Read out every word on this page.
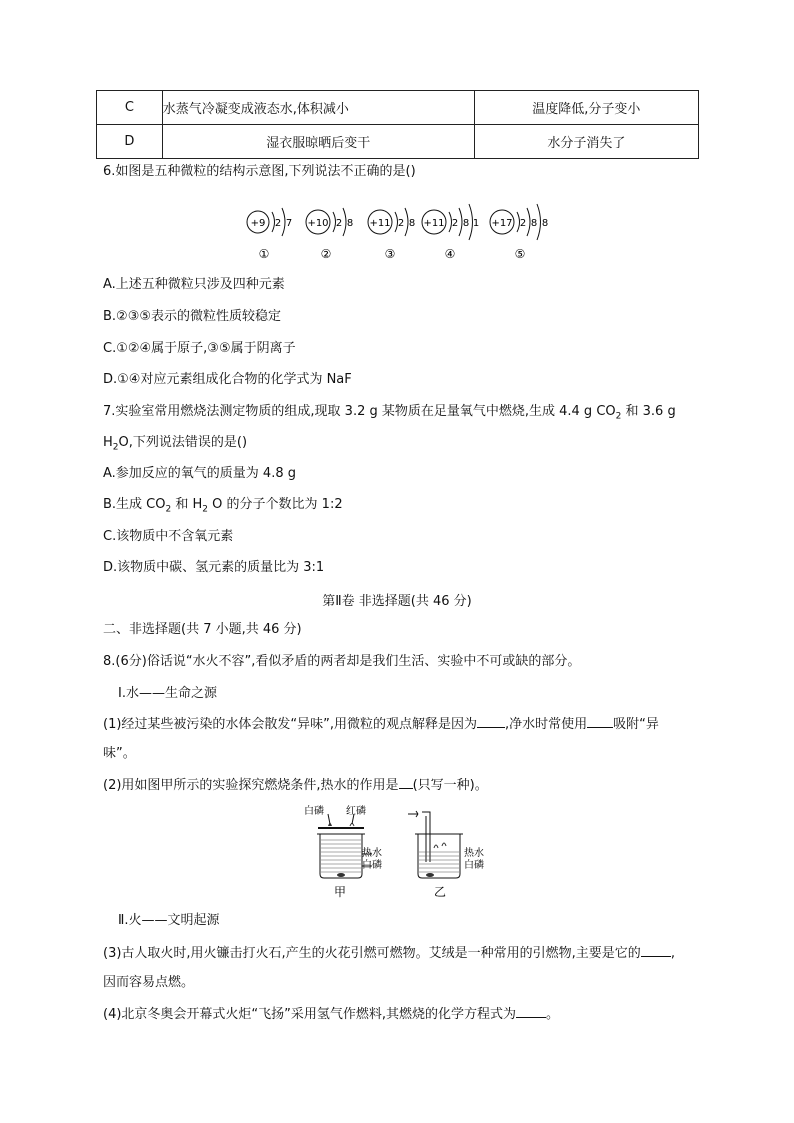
C	水蒸气冷凝变成液态水,体积减小	温度降低,分子变小
D	湿衣服晾晒后变干	水分子消失了
6.如图是五种微粒的结构示意图,下列说法不正确的是()
+9 2 7
①
+10 2 8
②
+11 2 8
③
+11 2 8 1
④
+17 2 8 8
⑤
A.上述五种微粒只涉及四种元素
B.②③⑤表示的微粒性质较稳定
C.①②④属于原子,③⑤属于阴离子
D.①④对应元素组成化合物的化学式为 NaF
7.实验室常用燃烧法测定物质的组成,现取 3.2 g 某物质在足量氧气中燃烧,生成 4.4 g $CO_2$ 和 3.6 g
$H_2O$,下列说法错误的是()
A.参加反应的氧气的质量为 4.8 g
B.生成 $CO_2$ 和 $H_2$ O 的分子个数比为 1:2
C.该物质中不含氧元素
D.该物质中碳、氢元素的质量比为 3:1
第Ⅱ卷 非选择题(共 46 分)
二、非选择题(共 7 小题,共 46 分)
8.(6分)俗话说“水火不容”,看似矛盾的两者却是我们生活、实验中不可或缺的部分。
Ⅰ.水——生命之源
(1)经过某些被污染的水体会散发“异味”,用微粒的观点解释是因为 ,净水时常使用 吸附“异
味”。
(2)用如图甲所示的实验探究燃烧条件,热水的作用是 (只写一种)。
白磷 红磷
热水
白磷
甲
热水
白磷
乙
Ⅱ.火——文明起源
(3)古人取火时,用火镰击打火石,产生的火花引燃可燃物。艾绒是一种常用的引燃物,主要是它的 ,
因而容易点燃。
(4)北京冬奥会开幕式火炬“飞扬”采用氢气作燃料,其燃烧的化学方程式为 。
